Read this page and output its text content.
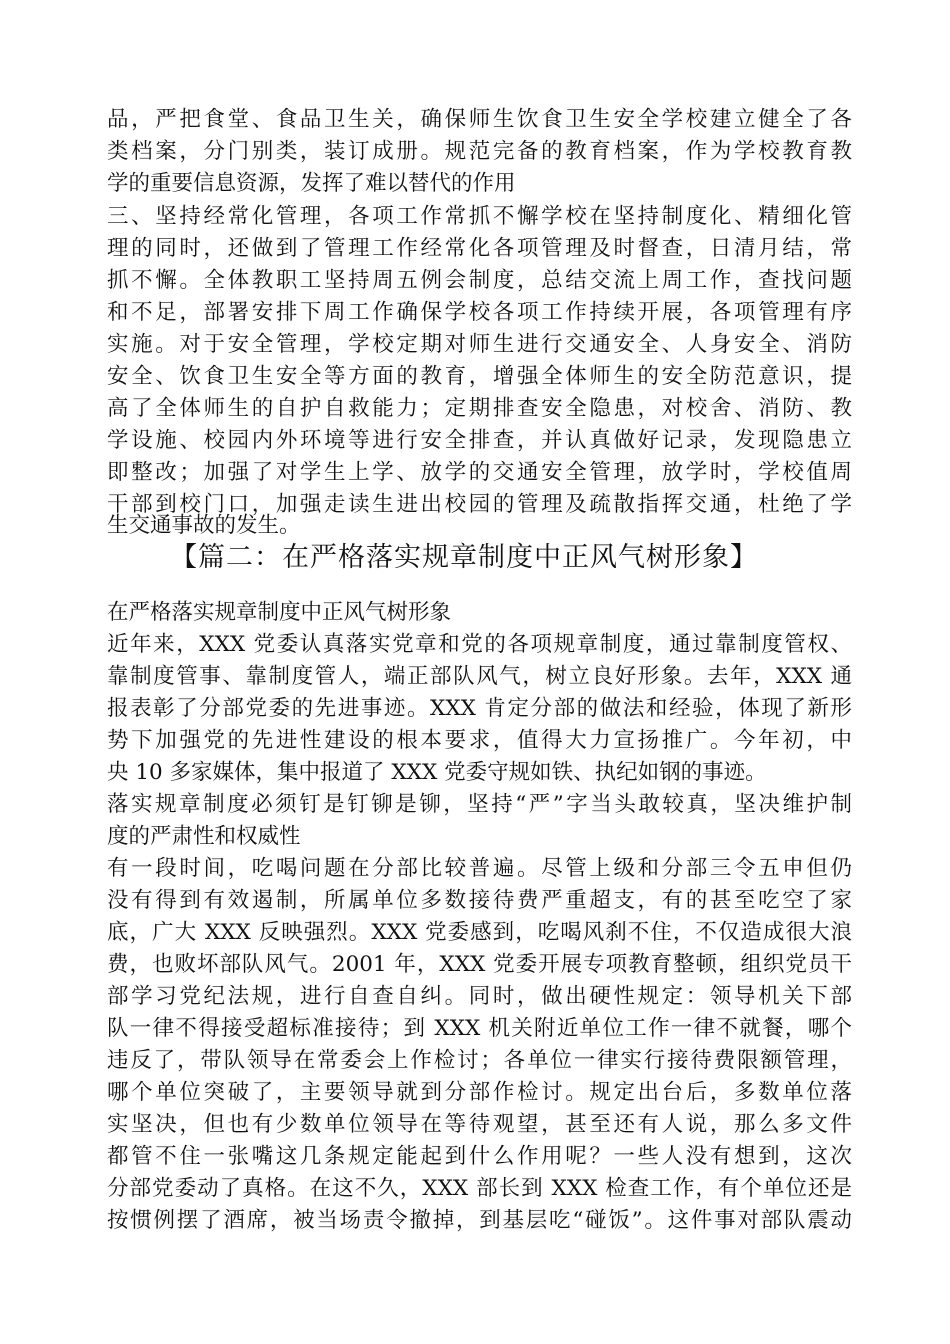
品，严把食堂、食品卫生关，确保师生饮食卫生安全学校建立健全了各
类档案，分门别类，装订成册。规范完备的教育档案，作为学校教育教
学的重要信息资源，发挥了难以替代的作用
三、坚持经常化管理，各项工作常抓不懈学校在坚持制度化、精细化管
理的同时，还做到了管理工作经常化各项管理及时督查，日清月结，常
抓不懈。全体教职工坚持周五例会制度，总结交流上周工作，查找问题
和不足，部署安排下周工作确保学校各项工作持续开展，各项管理有序
实施。对于安全管理，学校定期对师生进行交通安全、人身安全、消防
安全、饮食卫生安全等方面的教育，增强全体师生的安全防范意识，提
高了全体师生的自护自救能力；定期排查安全隐患，对校舍、消防、教
学设施、校园内外环境等进行安全排查，并认真做好记录，发现隐患立
即整改；加强了对学生上学、放学的交通安全管理，放学时，学校值周
干部到校门口，加强走读生进出校园的管理及疏散指挥交通，杜绝了学
生交通事故的发生。
【篇二：在严格落实规章制度中正风气树形象】
在严格落实规章制度中正风气树形象
近年来，XXX 党委认真落实党章和党的各项规章制度，通过靠制度管权、
靠制度管事、靠制度管人，端正部队风气，树立良好形象。去年，XXX 通
报表彰了分部党委的先进事迹。XXX 肯定分部的做法和经验，体现了新形
势下加强党的先进性建设的根本要求，值得大力宣扬推广。今年初，中
央 10 多家媒体，集中报道了 XXX 党委守规如铁、执纪如钢的事迹。
落实规章制度必须钉是钉铆是铆，坚持“严”字当头敢较真，坚决维护制
度的严肃性和权威性
有一段时间，吃喝问题在分部比较普遍。尽管上级和分部三令五申但仍
没有得到有效遏制，所属单位多数接待费严重超支，有的甚至吃空了家
底，广大 XXX 反映强烈。XXX 党委感到，吃喝风刹不住，不仅造成很大浪
费，也败坏部队风气。2001 年，XXX 党委开展专项教育整顿，组织党员干
部学习党纪法规，进行自查自纠。同时，做出硬性规定：领导机关下部
队一律不得接受超标准接待；到 XXX 机关附近单位工作一律不就餐，哪个
违反了，带队领导在常委会上作检讨；各单位一律实行接待费限额管理，
哪个单位突破了，主要领导就到分部作检讨。规定出台后，多数单位落
实坚决，但也有少数单位领导在等待观望，甚至还有人说，那么多文件
都管不住一张嘴这几条规定能起到什么作用呢？一些人没有想到，这次
分部党委动了真格。在这不久，XXX 部长到 XXX 检查工作，有个单位还是
按惯例摆了酒席，被当场责令撤掉，到基层吃“碰饭”。这件事对部队震动
